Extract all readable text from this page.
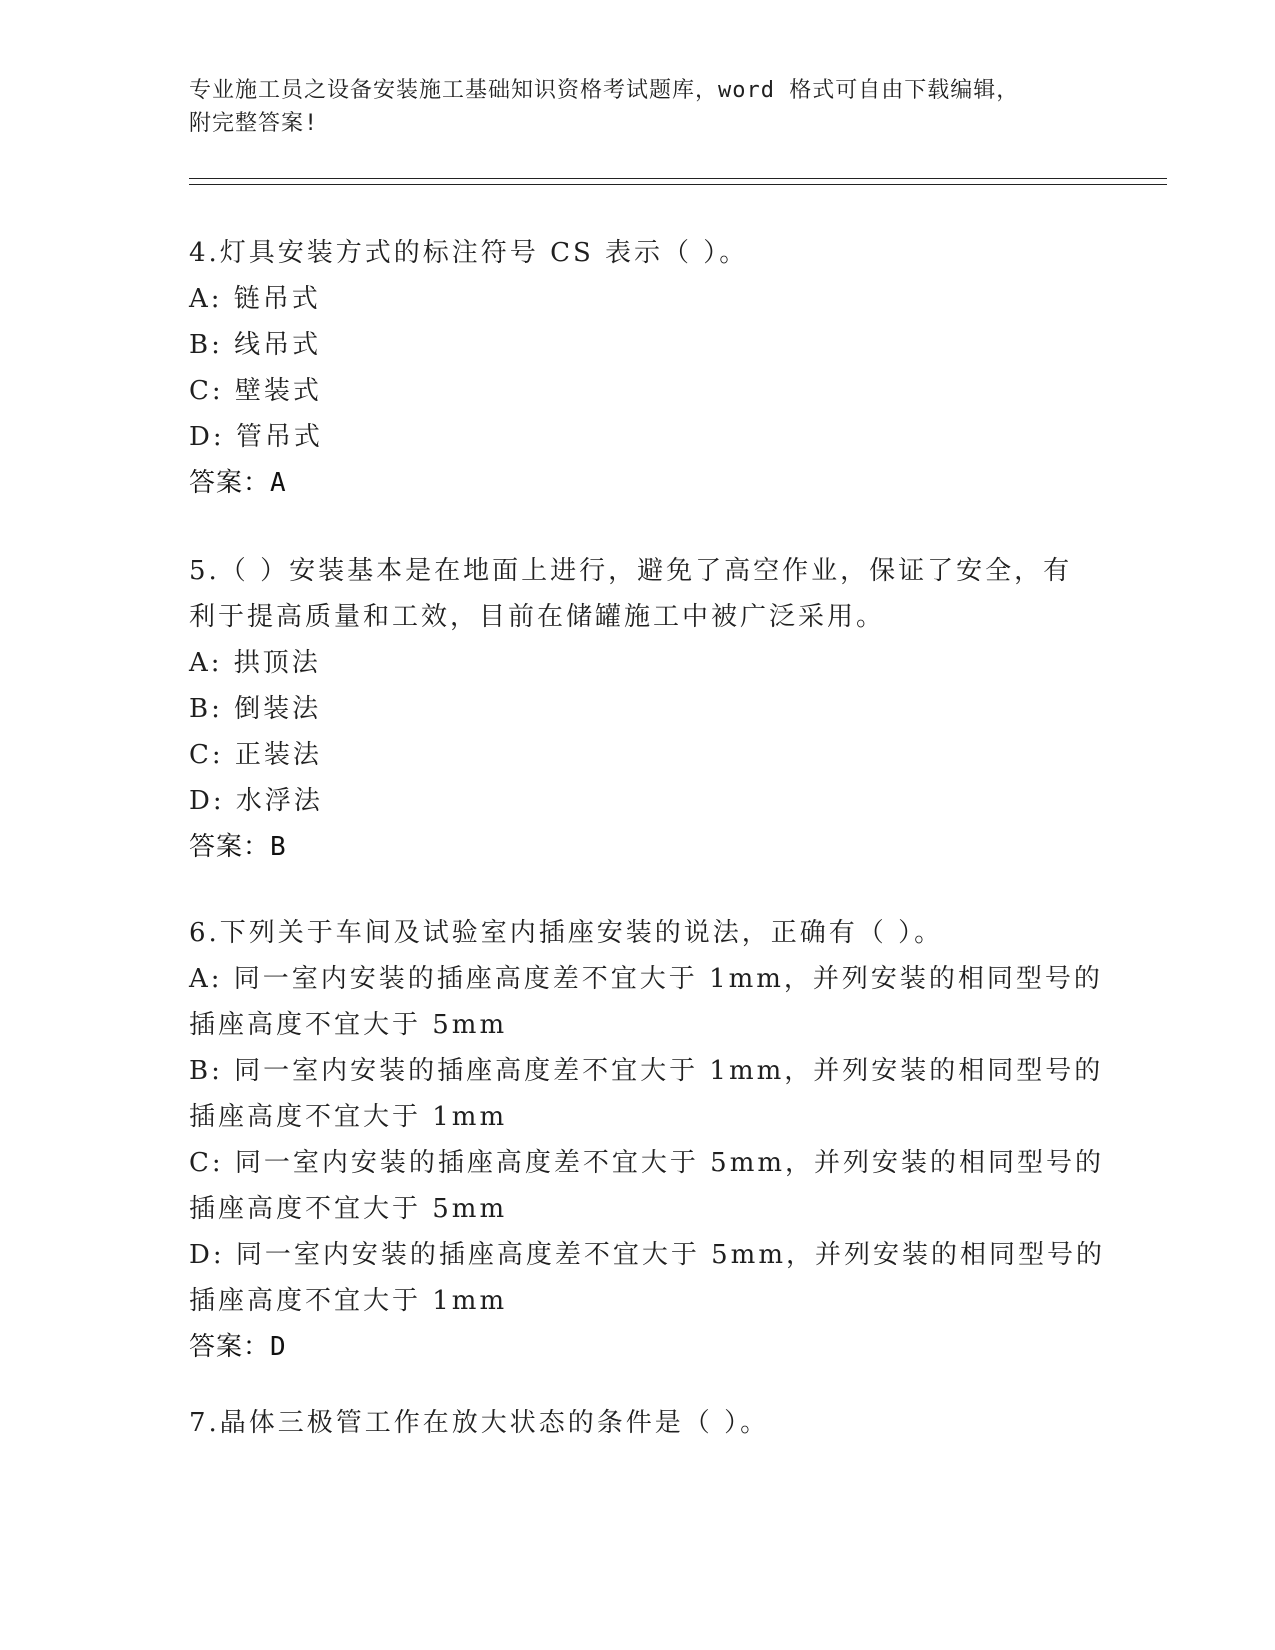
专业施工员之设备安装施工基础知识资格考试题库，word 格式可自由下载编辑，
附完整答案!
4.灯具安装方式的标注符号 CS 表示（ ）。
A: 链吊式
B: 线吊式
C: 壁装式
D: 管吊式
答案：A
5.（ ）安装基本是在地面上进行，避免了高空作业，保证了安全，有
利于提高质量和工效，目前在储罐施工中被广泛采用。
A: 拱顶法
B: 倒装法
C: 正装法
D: 水浮法
答案：B
6.下列关于车间及试验室内插座安装的说法，正确有（ ）。
A: 同一室内安装的插座高度差不宜大于 1mm，并列安装的相同型号的
插座高度不宜大于 5mm
B: 同一室内安装的插座高度差不宜大于 1mm，并列安装的相同型号的
插座高度不宜大于 1mm
C: 同一室内安装的插座高度差不宜大于 5mm，并列安装的相同型号的
插座高度不宜大于 5mm
D: 同一室内安装的插座高度差不宜大于 5mm，并列安装的相同型号的
插座高度不宜大于 1mm
答案：D
7.晶体三极管工作在放大状态的条件是（ ）。
